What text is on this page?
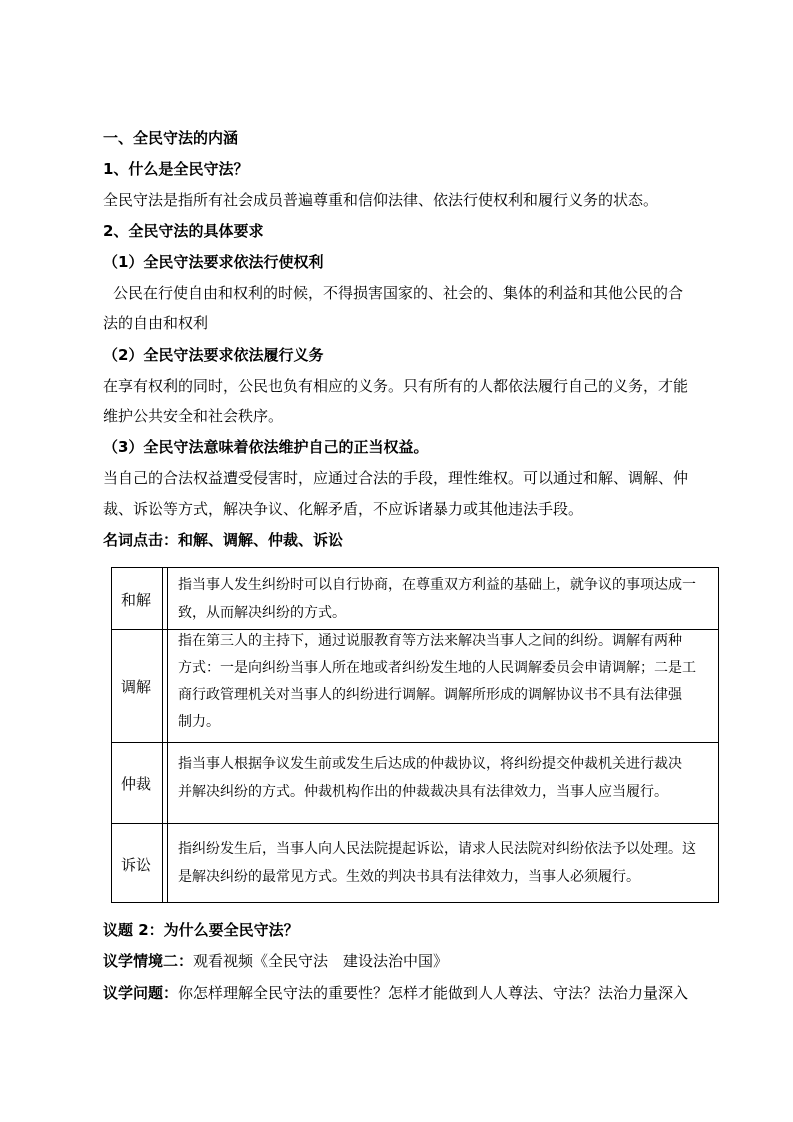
一、全民守法的内涵
1、什么是全民守法？
全民守法是指所有社会成员普遍尊重和信仰法律、依法行使权利和履行义务的状态。
2、全民守法的具体要求
（1）全民守法要求依法行使权利
公民在行使自由和权利的时候，不得损害国家的、社会的、集体的利益和其他公民的合
法的自由和权利
（2）全民守法要求依法履行义务
在享有权利的同时，公民也负有相应的义务。只有所有的人都依法履行自己的义务，才能
维护公共安全和社会秩序。
（3）全民守法意味着依法维护自己的正当权益。
当自己的合法权益遭受侵害时，应通过合法的手段，理性维权。可以通过和解、调解、仲
裁、诉讼等方式，解决争议、化解矛盾，不应诉诸暴力或其他违法手段。
名词点击：和解、调解、仲裁、诉讼
和解
指当事人发生纠纷时可以自行协商，在尊重双方利益的基础上，就争议的事项达成一
致，从而解决纠纷的方式。
调解
指在第三人的主持下，通过说服教育等方法来解决当事人之间的纠纷。调解有两种
方式：一是向纠纷当事人所在地或者纠纷发生地的人民调解委员会申请调解；二是工
商行政管理机关对当事人的纠纷进行调解。调解所形成的调解协议书不具有法律强
制力。
仲裁
指当事人根据争议发生前或发生后达成的仲裁协议，将纠纷提交仲裁机关进行裁决
并解决纠纷的方式。仲裁机构作出的仲裁裁决具有法律效力，当事人应当履行。
诉讼
指纠纷发生后，当事人向人民法院提起诉讼，请求人民法院对纠纷依法予以处理。这
是解决纠纷的最常见方式。生效的判决书具有法律效力，当事人必须履行。
议题 2：为什么要全民守法？
议学情境二：观看视频《全民守法　建设法治中国》
议学问题：你怎样理解全民守法的重要性？怎样才能做到人人尊法、守法？法治力量深入
